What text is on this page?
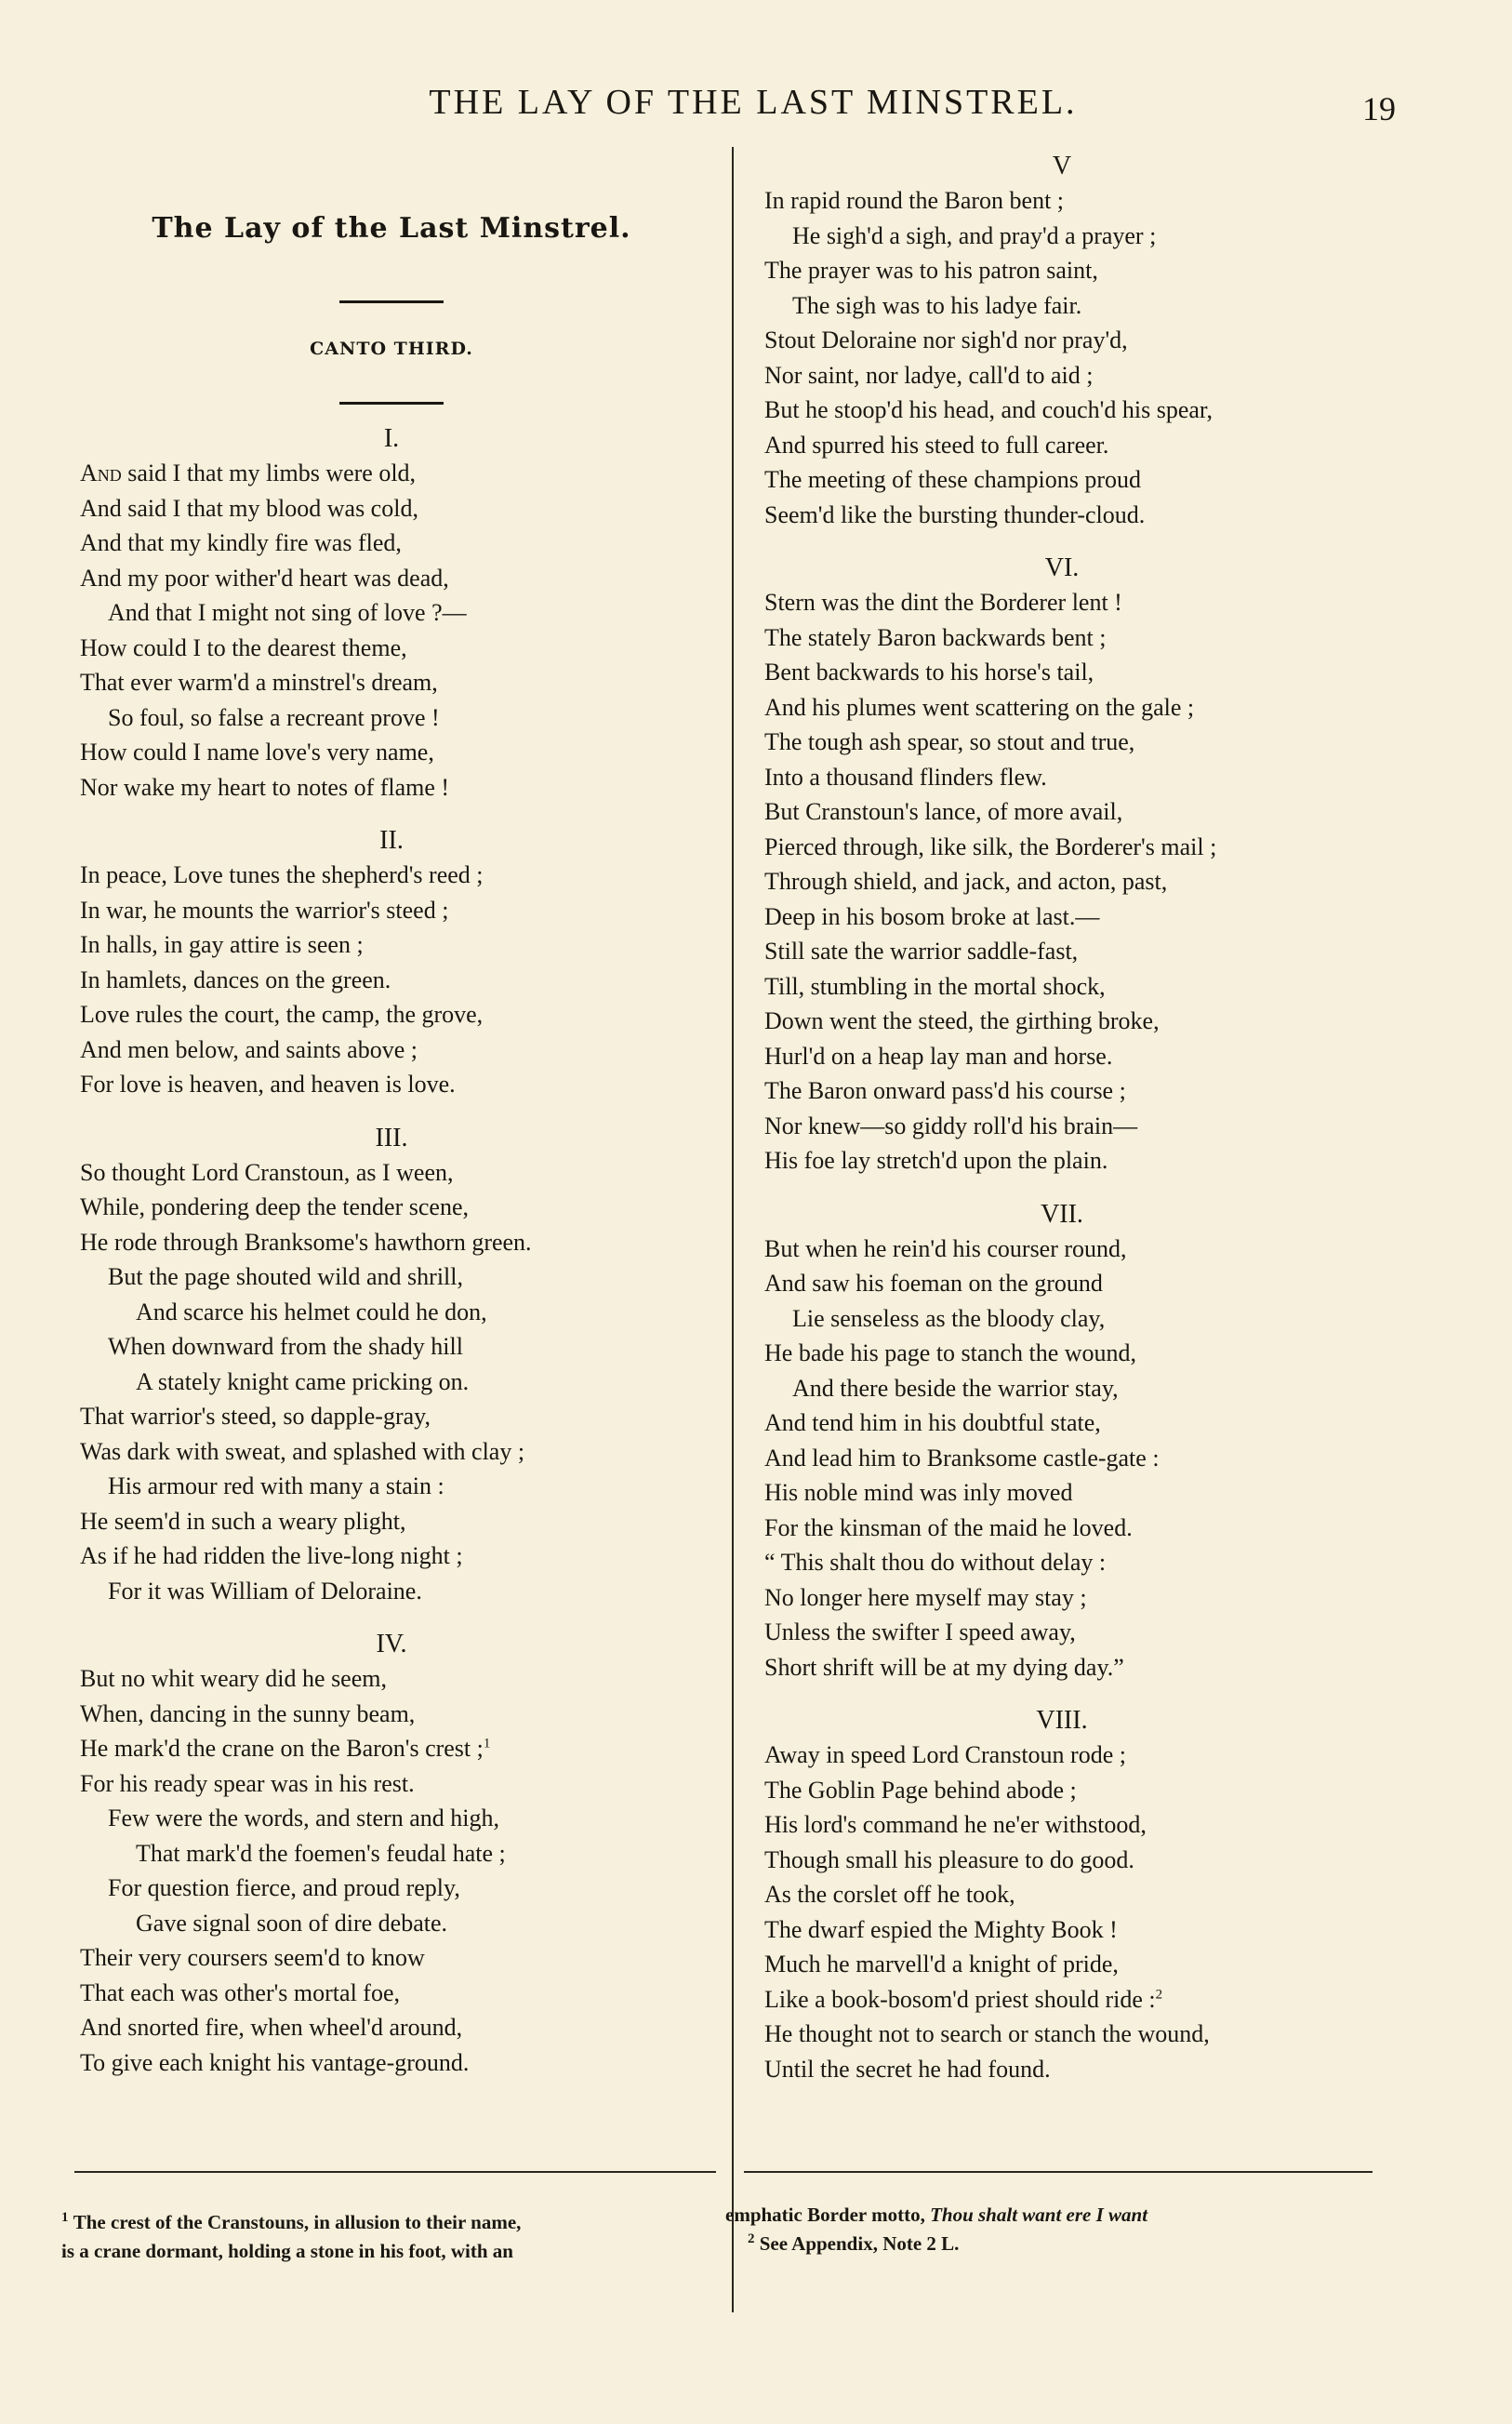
THE LAY OF THE LAST MINSTREL.	19
The Lay of the Last Minstrel.
CANTO THIRD.
I.
And said I that my limbs were old,
And said I that my blood was cold,
And that my kindly fire was fled,
And my poor wither'd heart was dead,
And that I might not sing of love ?—
How could I to the dearest theme,
That ever warm'd a minstrel's dream,
So foul, so false a recreant prove !
How could I name love's very name,
Nor wake my heart to notes of flame !
II.
In peace, Love tunes the shepherd's reed ;
In war, he mounts the warrior's steed ;
In halls, in gay attire is seen ;
In hamlets, dances on the green.
Love rules the court, the camp, the grove,
And men below, and saints above ;
For love is heaven, and heaven is love.
III.
So thought Lord Cranstoun, as I ween,
While, pondering deep the tender scene,
He rode through Branksome's hawthorn green.
But the page shouted wild and shrill,
And scarce his helmet could he don,
When downward from the shady hill
A stately knight came pricking on.
That warrior's steed, so dapple-gray,
Was dark with sweat, and splashed with clay ;
His armour red with many a stain :
He seem'd in such a weary plight,
As if he had ridden the live-long night ;
For it was William of Deloraine.
IV.
But no whit weary did he seem,
When, dancing in the sunny beam,
He mark'd the crane on the Baron's crest ;$^1$
For his ready spear was in his rest.
Few were the words, and stern and high,
That mark'd the foemen's feudal hate ;
For question fierce, and proud reply,
Gave signal soon of dire debate.
Their very coursers seem'd to know
That each was other's mortal foe,
And snorted fire, when wheel'd around,
To give each knight his vantage-ground.
V
In rapid round the Baron bent ;
He sigh'd a sigh, and pray'd a prayer ;
The prayer was to his patron saint,
The sigh was to his ladye fair.
Stout Deloraine nor sigh'd nor pray'd,
Nor saint, nor ladye, call'd to aid ;
But he stoop'd his head, and couch'd his spear,
And spurred his steed to full career.
The meeting of these champions proud
Seem'd like the bursting thunder-cloud.
VI.
Stern was the dint the Borderer lent !
The stately Baron backwards bent ;
Bent backwards to his horse's tail,
And his plumes went scattering on the gale ;
The tough ash spear, so stout and true,
Into a thousand flinders flew.
But Cranstoun's lance, of more avail,
Pierced through, like silk, the Borderer's mail ;
Through shield, and jack, and acton, past,
Deep in his bosom broke at last.—
Still sate the warrior saddle-fast,
Till, stumbling in the mortal shock,
Down went the steed, the girthing broke,
Hurl'd on a heap lay man and horse.
The Baron onward pass'd his course ;
Nor knew—so giddy roll'd his brain—
His foe lay stretch'd upon the plain.
VII.
But when he rein'd his courser round,
And saw his foeman on the ground
Lie senseless as the bloody clay,
He bade his page to stanch the wound,
And there beside the warrior stay,
And tend him in his doubtful state,
And lead him to Branksome castle-gate :
His noble mind was inly moved
For the kinsman of the maid he loved.
“ This shalt thou do without delay :
No longer here myself may stay ;
Unless the swifter I speed away,
Short shrift will be at my dying day.”
VIII.
Away in speed Lord Cranstoun rode ;
The Goblin Page behind abode ;
His lord's command he ne'er withstood,
Though small his pleasure to do good.
As the corslet off he took,
The dwarf espied the Mighty Book !
Much he marvell'd a knight of pride,
Like a book-bosom'd priest should ride :$^2$
He thought not to search or stanch the wound,
Until the secret he had found.
$^1$ The crest of the Cranstouns, in allusion to their name,
is a crane dormant, holding a stone in his foot, with an
emphatic Border motto, Thou shalt want ere I want
$^2$ See Appendix, Note 2 L.
